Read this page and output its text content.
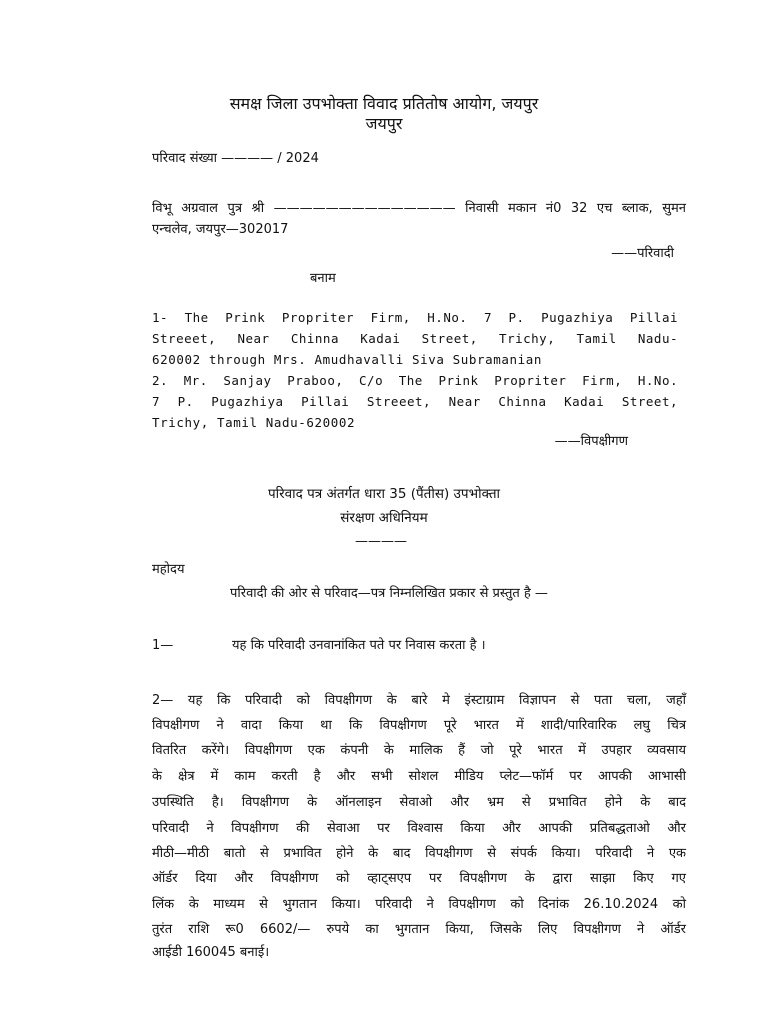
समक्ष जिला उपभोक्ता विवाद प्रतितोष आयोग, जयपुर
जयपुर
परिवाद संख्या ———— / 2024
विभू अग्रवाल पुत्र श्री —————————————— निवासी मकान नं0 32 एच ब्लाक, सुमन
एन्चलेव, जयपुर—302017
——परिवादी
बनाम
1- The Prink Propriter Firm, H.No. 7 P. Pugazhiya Pillai
Streeet, Near Chinna Kadai Street, Trichy, Tamil Nadu-
620002 through Mrs. Amudhavalli Siva Subramanian
2. Mr. Sanjay Praboo, C/o The Prink Propriter Firm, H.No.
7 P. Pugazhiya Pillai Streeet, Near Chinna Kadai Street,
Trichy, Tamil Nadu-620002
——विपक्षीगण
परिवाद पत्र अंतर्गत धारा 35 (पैंतीस) उपभोक्ता
संरक्षण अधिनियम
————
महोदय
परिवादी की ओर से परिवाद—पत्र निम्नलिखित प्रकार से प्रस्तुत है —
1—	यह कि परिवादी उनवानांकित पते पर निवास करता है ।
2— यह कि परिवादी को विपक्षीगण के बारे मे इंस्टाग्राम विज्ञापन से पता चला, जहाँ
विपक्षीगण ने वादा किया था कि विपक्षीगण पूरे भारत में शादी/पारिवारिक लघु चित्र
वितरित करेंगे। विपक्षीगण एक कंपनी के मालिक हैं जो पूरे भारत में उपहार व्यवसाय
के क्षेत्र में काम करती है और सभी सोशल मीडिय प्लेट—फॉर्म पर आपकी आभासी
उपस्थिति है। विपक्षीगण के ऑनलाइन सेवाओ और भ्रम से प्रभावित होने के बाद
परिवादी ने विपक्षीगण की सेवाआ पर विश्वास किया और आपकी प्रतिबद्धताओ और
मीठी—मीठी बातो से प्रभावित होने के बाद विपक्षीगण से संपर्क किया। परिवादी ने एक
ऑर्डर दिया और विपक्षीगण को व्हाट्सएप पर विपक्षीगण के द्वारा साझा किए गए
लिंक के माध्यम से भुगतान किया। परिवादी ने विपक्षीगण को दिनांक 26.10.2024 को
तुरंत राशि रू0 6602/— रुपये का भुगतान किया, जिसके लिए विपक्षीगण ने ऑर्डर
आईडी 160045 बनाई।
